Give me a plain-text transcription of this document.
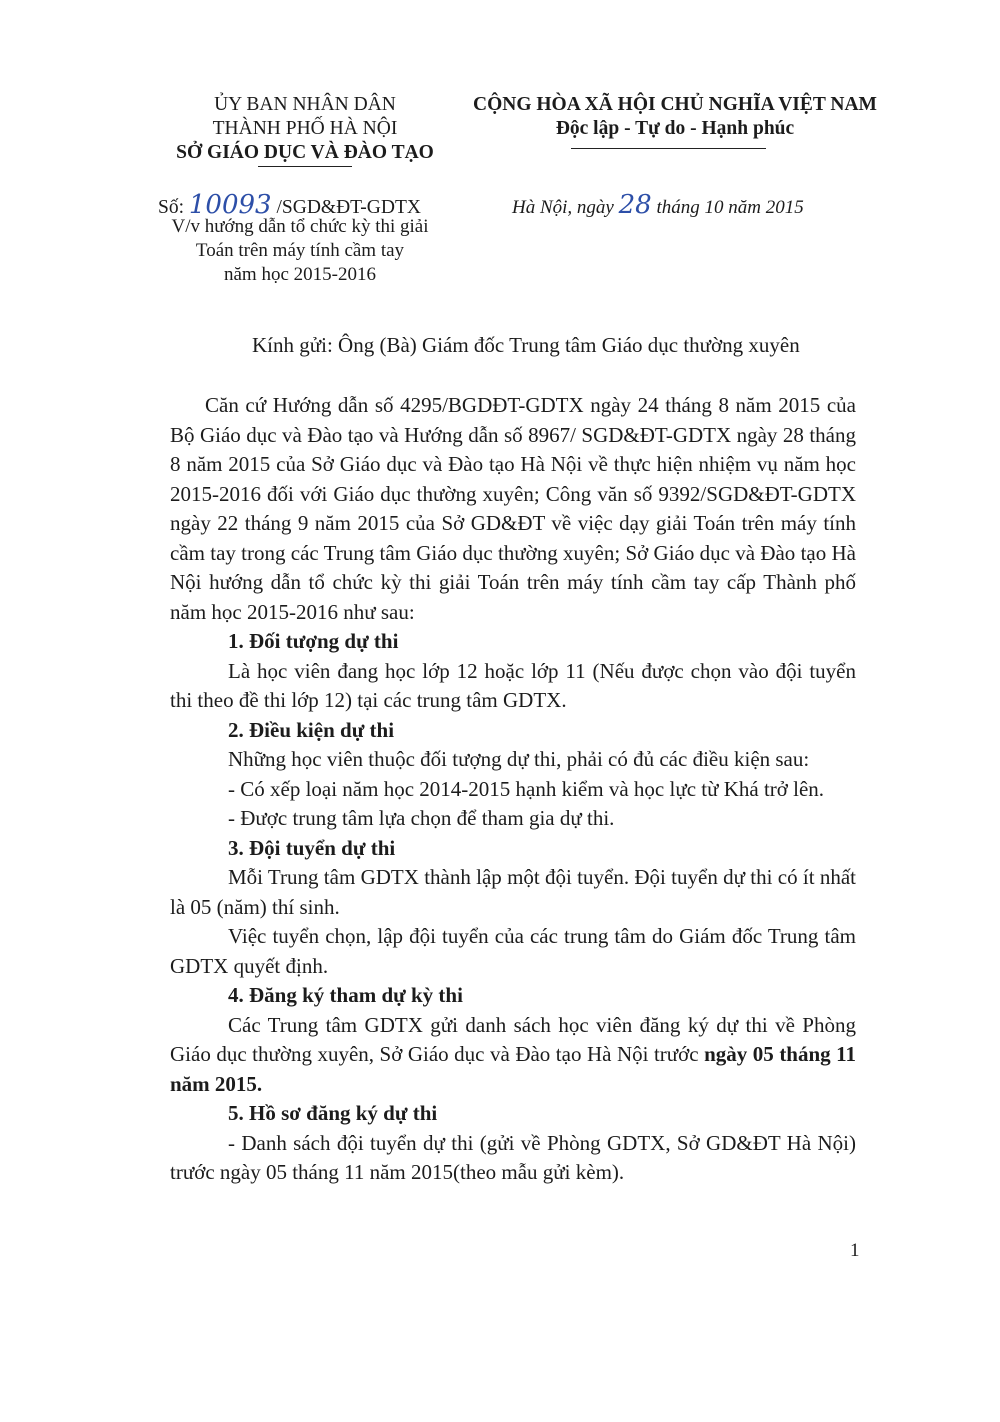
ỦY BAN NHÂN DÂN
THÀNH PHỐ HÀ NỘI
SỞ GIÁO DỤC VÀ ĐÀO TẠO
CỘNG HÒA XÃ HỘI CHỦ NGHĨA VIỆT NAM
Độc lập - Tự do - Hạnh phúc
Số: 10093 /SGD&ĐT-GDTX	Hà Nội, ngày 28 tháng 10 năm 2015
V/v hướng dẫn tổ chức kỳ thi giải
Toán trên máy tính cầm tay
năm học 2015-2016
Kính gửi: Ông (Bà) Giám đốc Trung tâm Giáo dục thường xuyên

Căn cứ Hướng dẫn số 4295/BGDĐT-GDTX ngày 24 tháng 8 năm 2015 của Bộ Giáo dục và Đào tạo và Hướng dẫn số 8967/ SGD&ĐT-GDTX ngày 28 tháng 8 năm 2015 của Sở Giáo dục và Đào tạo Hà Nội về thực hiện nhiệm vụ năm học 2015-2016 đối với Giáo dục thường xuyên; Công văn số 9392/SGD&ĐT-GDTX ngày 22 tháng 9 năm 2015 của Sở GD&ĐT về việc dạy giải Toán trên máy tính cầm tay trong các Trung tâm Giáo dục thường xuyên; Sở Giáo dục và Đào tạo Hà Nội hướng dẫn tổ chức kỳ thi giải Toán trên máy tính cầm tay cấp Thành phố năm học 2015-2016 như sau:

1. Đối tượng dự thi

Là học viên đang học lớp 12 hoặc lớp 11 (Nếu được chọn vào đội tuyển thi theo đề thi lớp 12) tại các trung tâm GDTX.

2. Điều kiện dự thi

Những học viên thuộc đối tượng dự thi, phải có đủ các điều kiện sau:

- Có xếp loại năm học 2014-2015 hạnh kiểm và học lực từ Khá trở lên.

- Được trung tâm lựa chọn để tham gia dự thi.

3. Đội tuyển dự thi

Mỗi Trung tâm GDTX thành lập một đội tuyển. Đội tuyển dự thi có ít nhất là 05 (năm) thí sinh.

Việc tuyển chọn, lập đội tuyển của các trung tâm do Giám đốc Trung tâm GDTX quyết định.

4. Đăng ký tham dự kỳ thi

Các Trung tâm GDTX gửi danh sách học viên đăng ký dự thi về Phòng Giáo dục thường xuyên, Sở Giáo dục và Đào tạo Hà Nội trước ngày 05 tháng 11 năm 2015.

5. Hồ sơ đăng ký dự thi

- Danh sách đội tuyển dự thi (gửi về Phòng GDTX, Sở GD&ĐT Hà Nội) trước ngày 05 tháng 11 năm 2015(theo mẫu gửi kèm).

1
